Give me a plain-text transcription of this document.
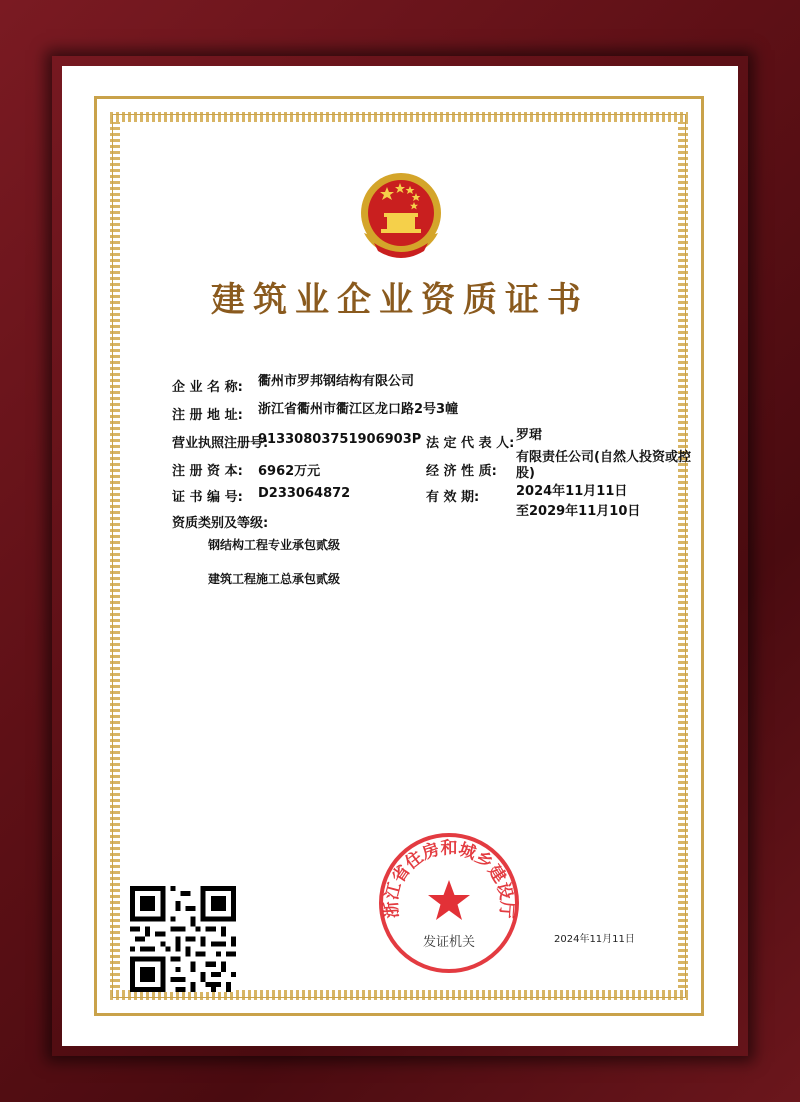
建筑业企业资质证书
企 业 名 称: 衢州市罗邦钢结构有限公司
注 册 地 址: 浙江省衢州市衢江区龙口路2号3幢
营业执照注册号:
91330803751906903P
注 册 资 本: 6962万元
证 书 编 号: D233064872
资质类别及等级:
法 定 代 表 人:
罗珺
经 济 性 质:
有限责任公司(自然人投资或控
股)
有 效 期:	2024年11月11日
至2029年11月10日
钢结构工程专业承包贰级
建筑工程施工总承包贰级
浙江省住房和城乡建设厅
发证机关	2024年11月11日
